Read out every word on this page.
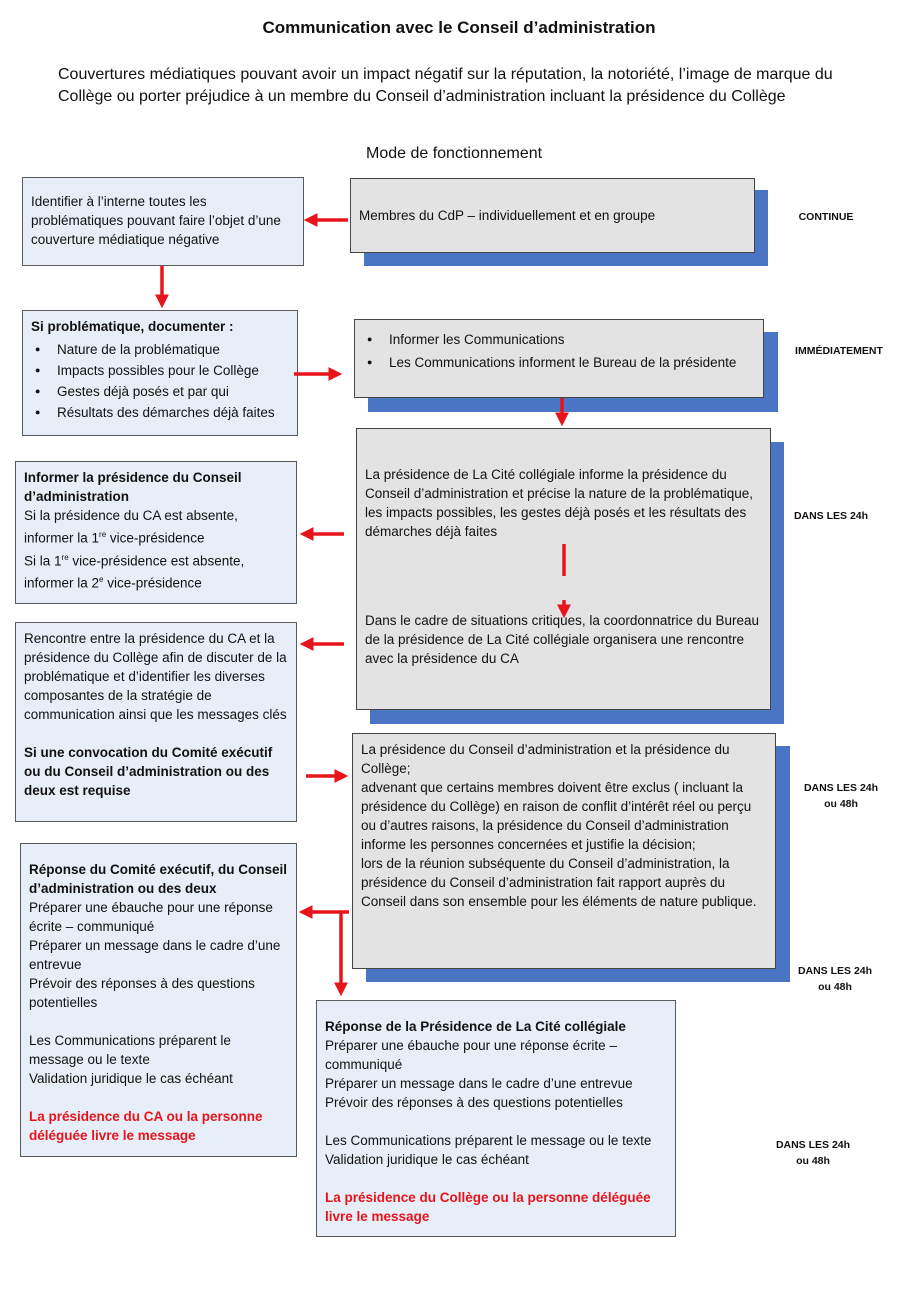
Communication avec le Conseil d’administration
Couvertures médiatiques pouvant avoir un impact négatif sur la réputation, la notoriété, l’image de marque du Collège ou porter préjudice à un membre du Conseil d’administration incluant la présidence du Collège
Mode de fonctionnement

Identifier à l’interne toutes les problématiques pouvant faire l’objet d’une couverture médiatique négative

Si problématique, documenter :

● Nature de la problématique
● Impacts possibles pour le Collège
● Gestes déjà posés et par qui
● Résultats des démarches déjà faites

Informer la présidence du Conseil d’administration

Si la présidence du CA est absente,

informer la 1re vice-présidence

Si la 1re vice-présidence est absente,

informer la 2e vice-présidence

Rencontre entre la présidence du CA et la présidence du Collège afin de discuter de la problématique et d’identifier les diverses composantes de la stratégie de communication ainsi que les messages clés

Si une convocation du Comité exécutif ou du Conseil d’administration ou des deux est requise

Réponse du Comité exécutif, du Conseil d’administration ou des deux

Préparer une ébauche pour une réponse écrite – communiqué

Préparer un message dans le cadre d’une entrevue

Prévoir des réponses à des questions potentielles

Les Communications préparent le message ou le texte

Validation juridique le cas échéant

La présidence du CA ou la personne déléguée livre le message

Membres du CdP – individuellement et en groupe

● Informer les Communications
● Les Communications informent le Bureau de la présidente

La présidence de La Cité collégiale informe la présidence du Conseil d’administration et précise la nature de la problématique, les impacts possibles, les gestes déjà posés et les résultats des démarches déjà faites

Dans le cadre de situations critiques, la coordonnatrice du Bureau de la présidence de La Cité collégiale organisera une rencontre avec la présidence du CA

La présidence du Conseil d’administration et la présidence du Collège;

advenant que certains membres doivent être exclus ( incluant la présidence du Collège) en raison de conflit d’intérêt réel ou perçu ou d’autres raisons, la présidence du Conseil d’administration informe les personnes concernées et justifie la décision;

lors de la réunion subséquente du Conseil d’administration, la présidence du Conseil d’administration fait rapport auprès du Conseil dans son ensemble pour les éléments de nature publique.

Réponse de la Présidence de La Cité collégiale

Préparer une ébauche pour une réponse écrite – communiqué

Préparer un message dans le cadre d’une entrevue

Prévoir des réponses à des questions potentielles

Les Communications préparent le message ou le texte

Validation juridique le cas échéant

La présidence du Collège ou la personne déléguée livre le message

CONTINUE
IMMÉDIATEMENT
DANS LES 24h
DANS LES 24h
ou 48h
DANS LES 24h
ou 48h
DANS LES 24h
ou 48h
